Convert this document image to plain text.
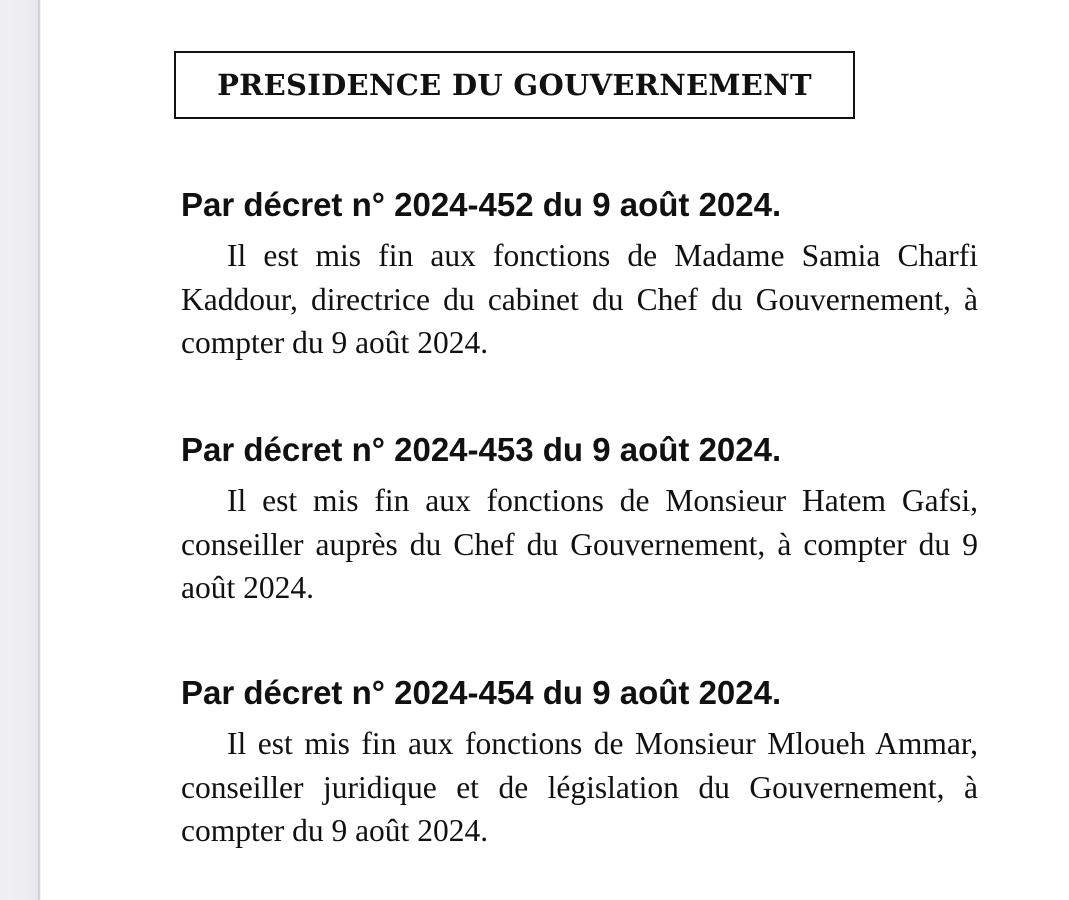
PRESIDENCE DU GOUVERNEMENT
Par décret n° 2024-452 du 9 août 2024.

Il est mis fin aux fonctions de Madame Samia Charfi Kaddour, directrice du cabinet du Chef du Gouvernement, à compter du 9 août 2024.

Par décret n° 2024-453 du 9 août 2024.

Il est mis fin aux fonctions de Monsieur Hatem Gafsi, conseiller auprès du Chef du Gouvernement, à compter du 9 août 2024.

Par décret n° 2024-454 du 9 août 2024.

Il est mis fin aux fonctions de Monsieur Mloueh Ammar, conseiller juridique et de législation du Gouvernement, à compter du 9 août 2024.
